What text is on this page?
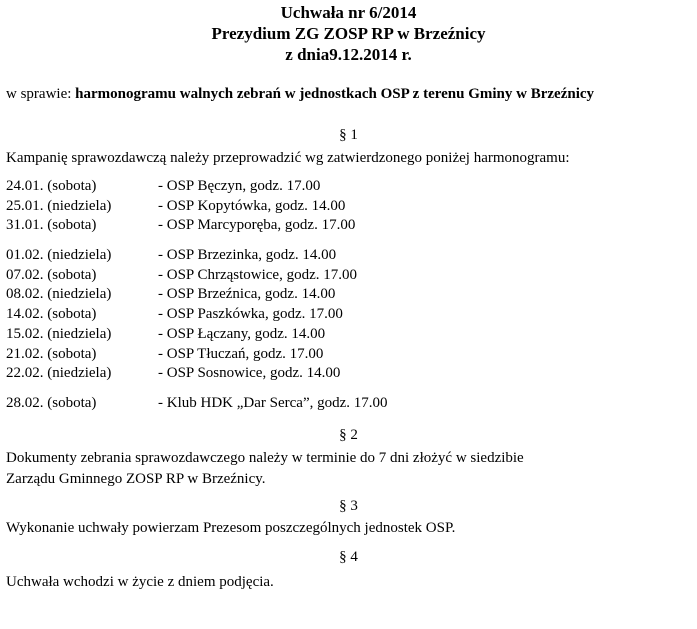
Uchwała nr 6/2014
Prezydium ZG ZOSP RP w Brzeźnicy
z dnia9.12.2014 r.
w sprawie: harmonogramu walnych zebrań w jednostkach OSP z terenu Gminy w Brzeźnicy
§ 1
Kampanię sprawozdawczą należy przeprowadzić wg zatwierdzonego poniżej harmonogramu:
24.01. (sobota)	- OSP Bęczyn, godz. 17.00
25.01. (niedziela)	- OSP Kopytówka, godz. 14.00
31.01. (sobota)	- OSP Marcyporęba, godz. 17.00
01.02. (niedziela)	- OSP Brzezinka, godz. 14.00
07.02. (sobota)	- OSP Chrząstowice, godz. 17.00
08.02. (niedziela)	- OSP Brzeźnica, godz. 14.00
14.02. (sobota)	- OSP Paszkówka, godz. 17.00
15.02. (niedziela)	- OSP Łączany, godz. 14.00
21.02. (sobota)	- OSP Tłuczań, godz. 17.00
22.02. (niedziela)	- OSP Sosnowice, godz. 14.00
28.02. (sobota)	- Klub HDK „Dar Serca”, godz. 17.00
§ 2
Dokumenty zebrania sprawozdawczego należy w terminie do 7 dni złożyć w siedzibie
Zarządu Gminnego ZOSP RP w Brzeźnicy.
§ 3
Wykonanie uchwały powierzam Prezesom poszczególnych jednostek OSP.
§ 4
Uchwała wchodzi w życie z dniem podjęcia.
